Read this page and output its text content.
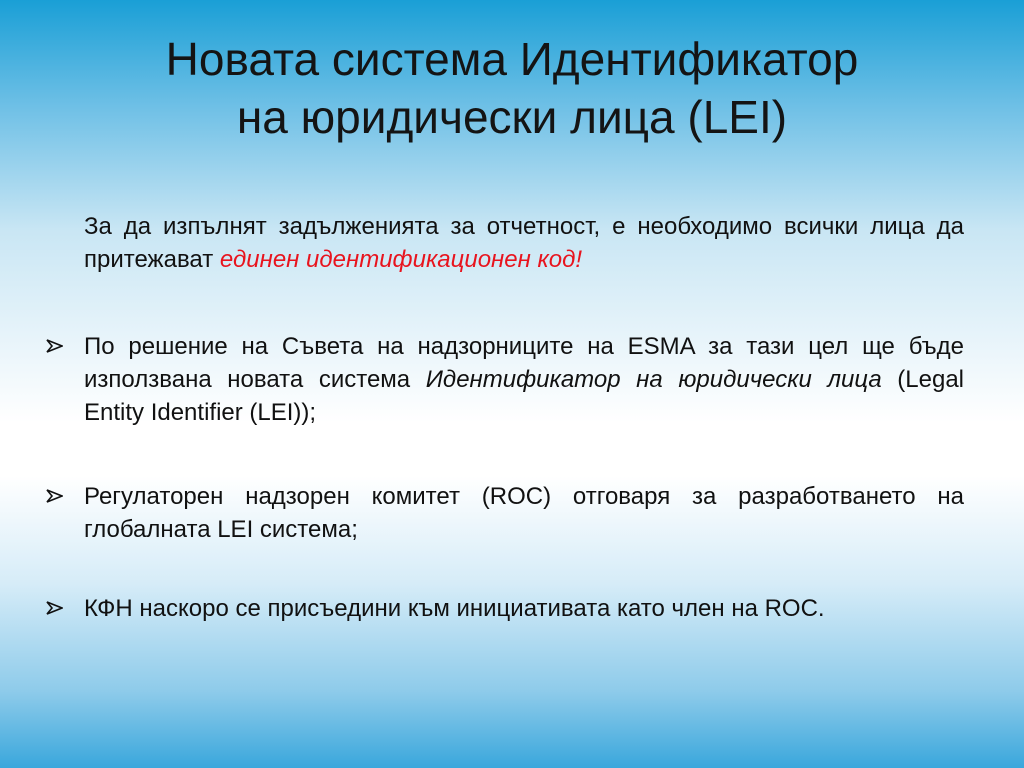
Новата система Идентификатор
на юридически лица (LEI)
За да изпълнят задълженията за отчетност, е необходимо всички лица да притежават единен идентификационен код!
По решение на Съвета на надзорниците на ESMA за тази цел ще бъде използвана новата система Идентификатор на юридически лица (Legal Entity Identifier (LEI));
Регулаторен надзорен комитет (ROC) отговаря за разработването на глобалната LEI система;
КФН наскоро се присъедини към инициативата като член на ROC.
